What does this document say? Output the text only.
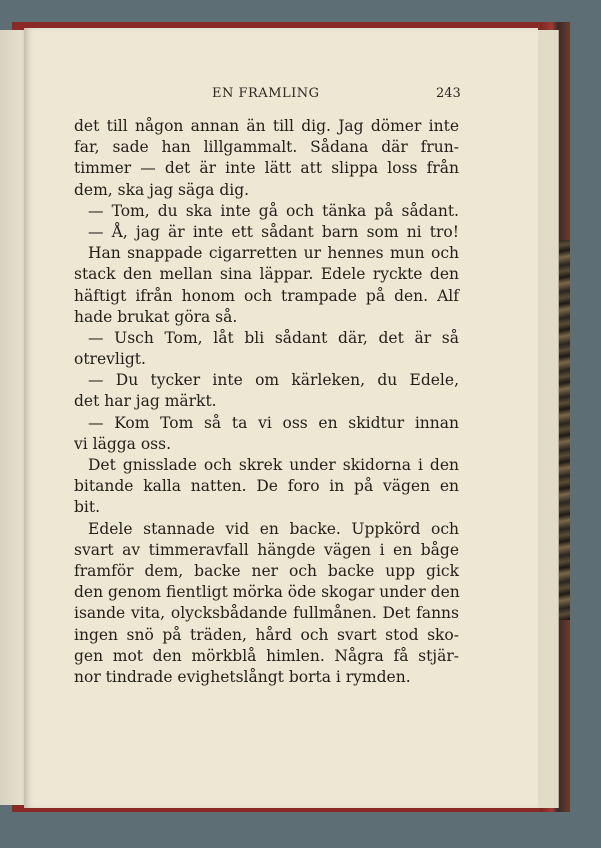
EN FRAMLING	243
det till någon annan än till dig. Jag dömer inte
far, sade han lillgammalt. Sådana där frun-
timmer — det är inte lätt att slippa loss från
dem, ska jag säga dig.
— Tom, du ska inte gå och tänka på sådant.
— Å, jag är inte ett sådant barn som ni tro!
Han snappade cigarretten ur hennes mun och
stack den mellan sina läppar. Edele ryckte den
häftigt ifrån honom och trampade på den. Alf
hade brukat göra så.
— Usch Tom, låt bli sådant där, det är så
otrevligt.
— Du tycker inte om kärleken, du Edele,
det har jag märkt.
— Kom Tom så ta vi oss en skidtur innan
vi lägga oss.
Det gnisslade och skrek under skidorna i den
bitande kalla natten. De foro in på vägen en
bit.
Edele stannade vid en backe. Uppkörd och
svart av timmeravfall hängde vägen i en båge
framför dem, backe ner och backe upp gick
den genom fientligt mörka öde skogar under den
isande vita, olycksbådande fullmånen. Det fanns
ingen snö på träden, hård och svart stod sko-
gen mot den mörkblå himlen. Några få stjär-
nor tindrade evighetslångt borta i rymden.
